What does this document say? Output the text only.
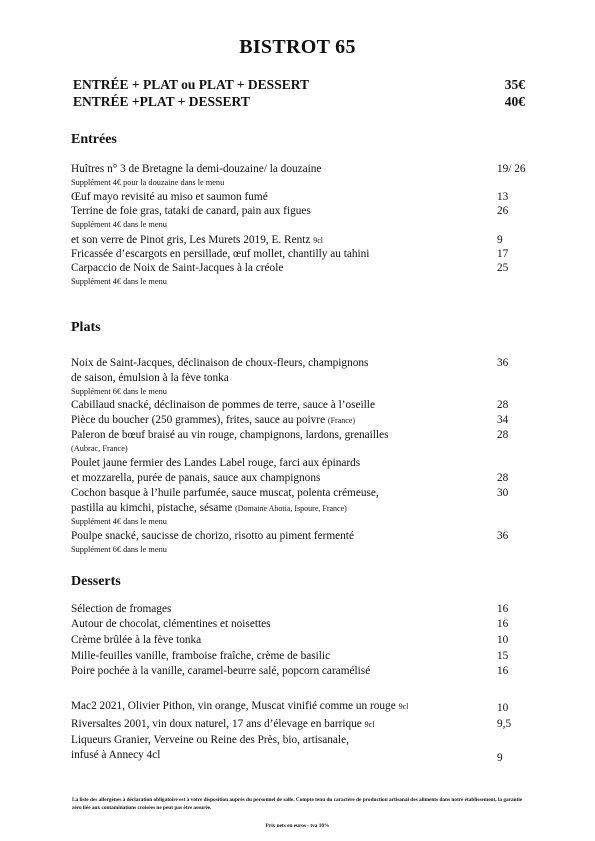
BISTROT 65
ENTRÉE + PLAT ou PLAT + DESSERT	35€
ENTRÉE +PLAT + DESSERT	40€
Entrées
Huîtres n° 3 de Bretagne la demi-douzaine/ la douzaine	19/ 26
Supplément 4€ pour la douzaine dans le menu
Œuf mayo revisité au miso et saumon fumé	13
Terrine de foie gras, tataki de canard, pain aux figues	26
Supplément 4€ dans le menu
et son verre de Pinot gris, Les Murets 2019, E. Rentz 9cl	9
Fricassée d’escargots en persillade, œuf mollet, chantilly au tahini	17
Carpaccio de Noix de Saint-Jacques à la créole	25
Supplément 4€ dans le menu
Plats
Noix de Saint-Jacques, déclinaison de choux-fleurs, champignons	36
de saison, émulsion à la fève tonka
Supplément 6€ dans le menu
Cabillaud snacké, déclinaison de pommes de terre, sauce à l’oseille	28
Pièce du boucher (250 grammes), frites, sauce au poivre (France)	34
Paleron de bœuf braisé au vin rouge, champignons, lardons, grenailles	28
(Aubrac, France)
Poulet jaune fermier des Landes Label rouge, farci aux épinards
et mozzarella, purée de panais, sauce aux champignons	28
Cochon basque à l’huile parfumée, sauce muscat, polenta crémeuse,	30
pastilla au kimchi, pistache, sésame (Domaine Abotia, Ispoure, France)
Supplément 4€ dans le menu
Poulpe snacké, saucisse de chorizo, risotto au piment fermenté	36
Supplément 6€ dans le menu
Desserts
Sélection de fromages	16
Autour de chocolat, clémentines et noisettes	16
Crème brûlée à la fève tonka	10
Mille-feuilles vanille, framboise fraîche, crème de basilic	15
Poire pochée à la vanille, caramel-beurre salé, popcorn caramélisé	16
Mac2 2021, Olivier Pithon, vin orange, Muscat vinifié comme un rouge 9cl	10
Riversaltes 2001, vin doux naturel, 17 ans d’élevage en barrique 9cl	9,5
Liqueurs Granier, Verveine ou Reine des Près, bio, artisanale,
infusé à Annecy 4cl	9
La liste des allergènes à déclaration obligatoire est à votre disposition auprès du personnel de salle. Compte tenu du caractère de production artisanal des aliments dans notre établissement, la garantie zéro liée aux contaminations croisées ne peut pas être assurée.
Prix nets en euros - tva 10%
